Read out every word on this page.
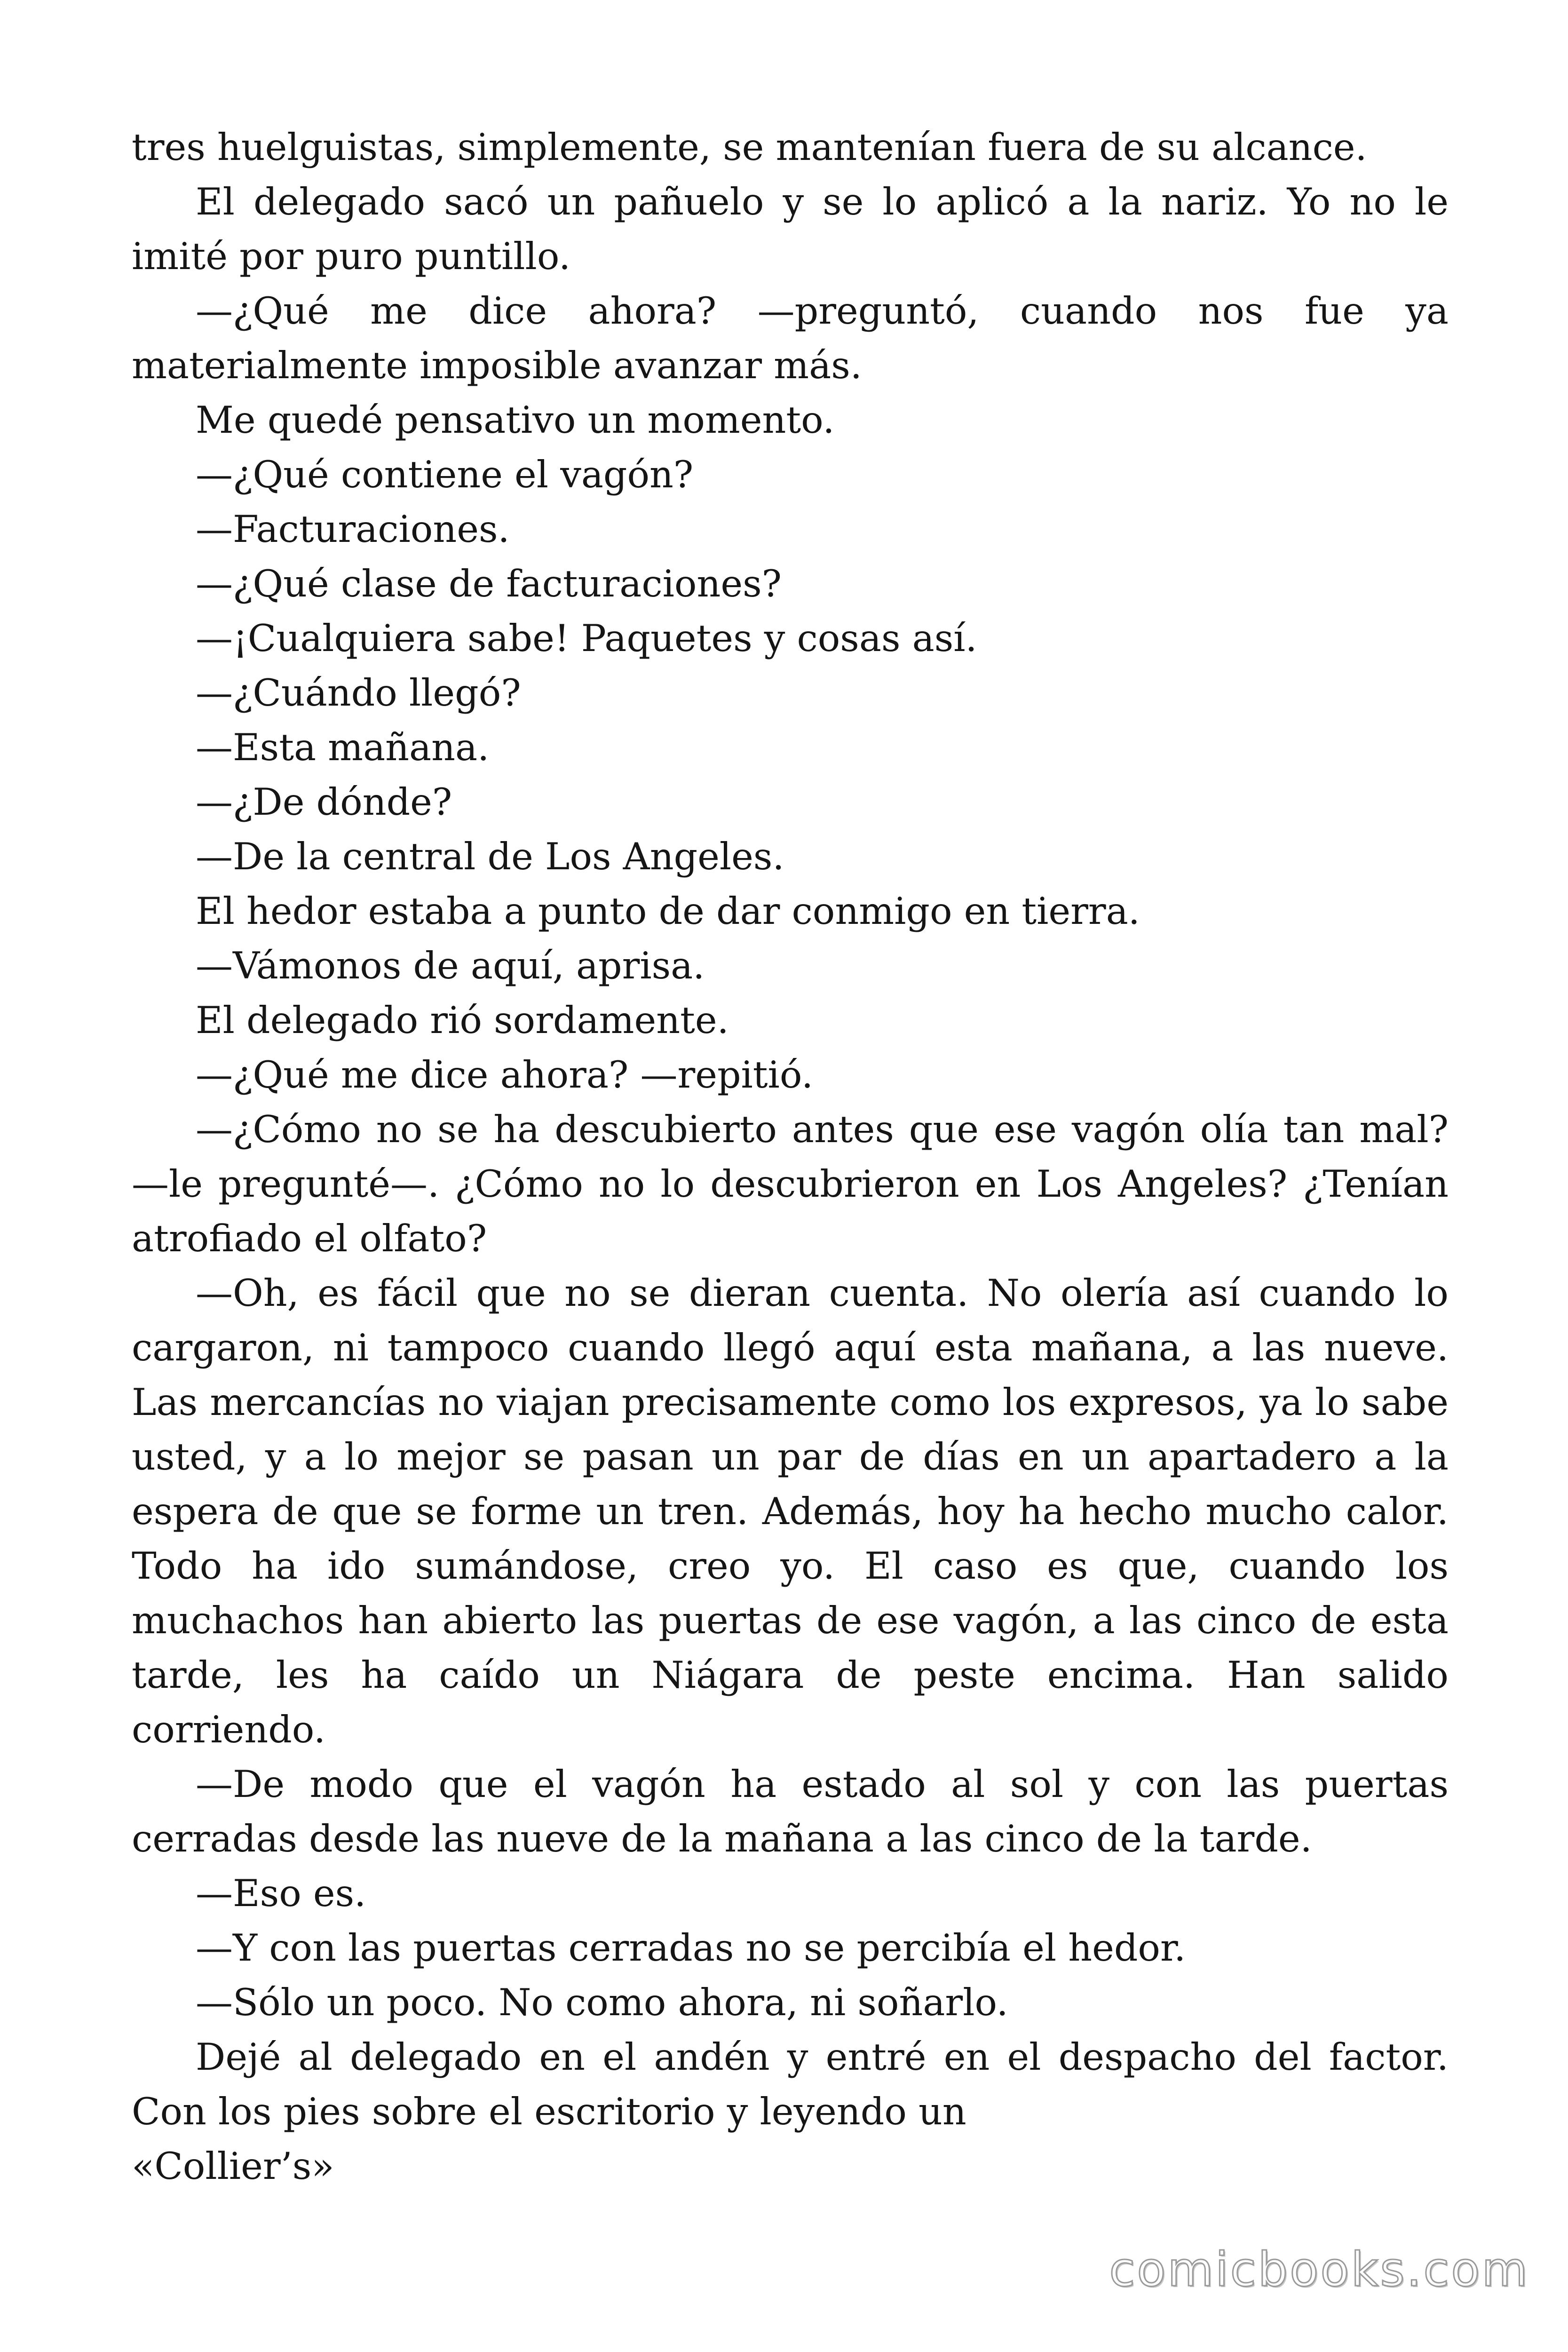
tres huelguistas, simplemente, se mantenían fuera de su alcance.

El delegado sacó un pañuelo y se lo aplicó a la nariz. Yo no le imité por puro puntillo.

—¿Qué me dice ahora? —preguntó, cuando nos fue ya materialmente imposible avanzar más.

Me quedé pensativo un momento.

—¿Qué contiene el vagón?

—Facturaciones.

—¿Qué clase de facturaciones?

—¡Cualquiera sabe! Paquetes y cosas así.

—¿Cuándo llegó?

—Esta mañana.

—¿De dónde?

—De la central de Los Angeles.

El hedor estaba a punto de dar conmigo en tierra.

—Vámonos de aquí, aprisa.

El delegado rió sordamente.

—¿Qué me dice ahora? —repitió.

—¿Cómo no se ha descubierto antes que ese vagón olía tan mal? —le pregunté—. ¿Cómo no lo descubrieron en Los Angeles? ¿Tenían atrofiado el olfato?

—Oh, es fácil que no se dieran cuenta. No olería así cuando lo cargaron, ni tampoco cuando llegó aquí esta mañana, a las nueve. Las mercancías no viajan precisamente como los expresos, ya lo sabe usted, y a lo mejor se pasan un par de días en un apartadero a la espera de que se forme un tren. Además, hoy ha hecho mucho calor. Todo ha ido sumándose, creo yo. El caso es que, cuando los muchachos han abierto las puertas de ese vagón, a las cinco de esta tarde, les ha caído un Niágara de peste encima. Han salido corriendo.

—De modo que el vagón ha estado al sol y con las puertas cerradas desde las nueve de la mañana a las cinco de la tarde.

—Eso es.

—Y con las puertas cerradas no se percibía el hedor.

—Sólo un poco. No como ahora, ni soñarlo.

Dejé al delegado en el andén y entré en el despacho del factor. Con los pies sobre el escritorio y leyendo un

«Collier’s»

comicbooks.com
